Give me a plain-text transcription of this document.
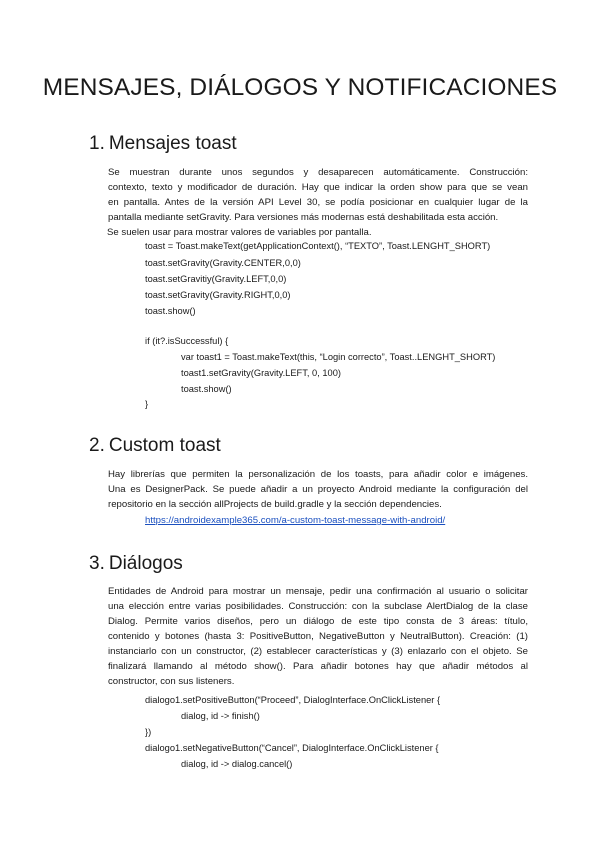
MENSAJES, DIÁLOGOS Y NOTIFICACIONES
1. Mensajes toast
Se muestran durante unos segundos y desaparecen automáticamente. Construcción:
contexto, texto y modificador de duración. Hay que indicar la orden show para que se vean
en pantalla. Antes de la versión API Level 30, se podía posicionar en cualquier lugar de la
pantalla mediante setGravity. Para versiones más modernas está deshabilitada esta acción.
Se suelen usar para mostrar valores de variables por pantalla.
toast = Toast.makeText(getApplicationContext(), “TEXTO”, Toast.LENGHT_SHORT)
toast.setGravity(Gravity.CENTER,0,0)
toast.setGravitiy(Gravity.LEFT,0,0)
toast.setGravity(Gravity.RIGHT,0,0)
toast.show()
if (it?.isSuccessful) {
var toast1 = Toast.makeText(this, “Login correcto”, Toast..LENGHT_SHORT)
toast1.setGravity(Gravity.LEFT, 0, 100)
toast.show()
}
2. Custom toast
Hay librerías que permiten la personalización de los toasts, para añadir color e imágenes.
Una es DesignerPack. Se puede añadir a un proyecto Android mediante la configuración del
repositorio en la sección allProjects de build.gradle y la sección dependencies.
https://androidexample365.com/a-custom-toast-message-with-android/
3. Diálogos
Entidades de Android para mostrar un mensaje, pedir una confirmación al usuario o solicitar
una elección entre varias posibilidades. Construcción: con la subclase AlertDialog de la clase
Dialog. Permite varios diseños, pero un diálogo de este tipo consta de 3 áreas: título,
contenido y botones (hasta 3: PositiveButton, NegativeButton y NeutralButton). Creación: (1)
instanciarlo con un constructor, (2) establecer características y (3) enlazarlo con el objeto. Se
finalizará llamando al método show(). Para añadir botones hay que añadir métodos al
constructor, con sus listeners.
dialogo1.setPositiveButton(“Proceed”, DialogInterface.OnClickListener {
dialog, id -> finish()
})
dialogo1.setNegativeButton(“Cancel”, DialogInterface.OnClickListener {
dialog, id -> dialog.cancel()
